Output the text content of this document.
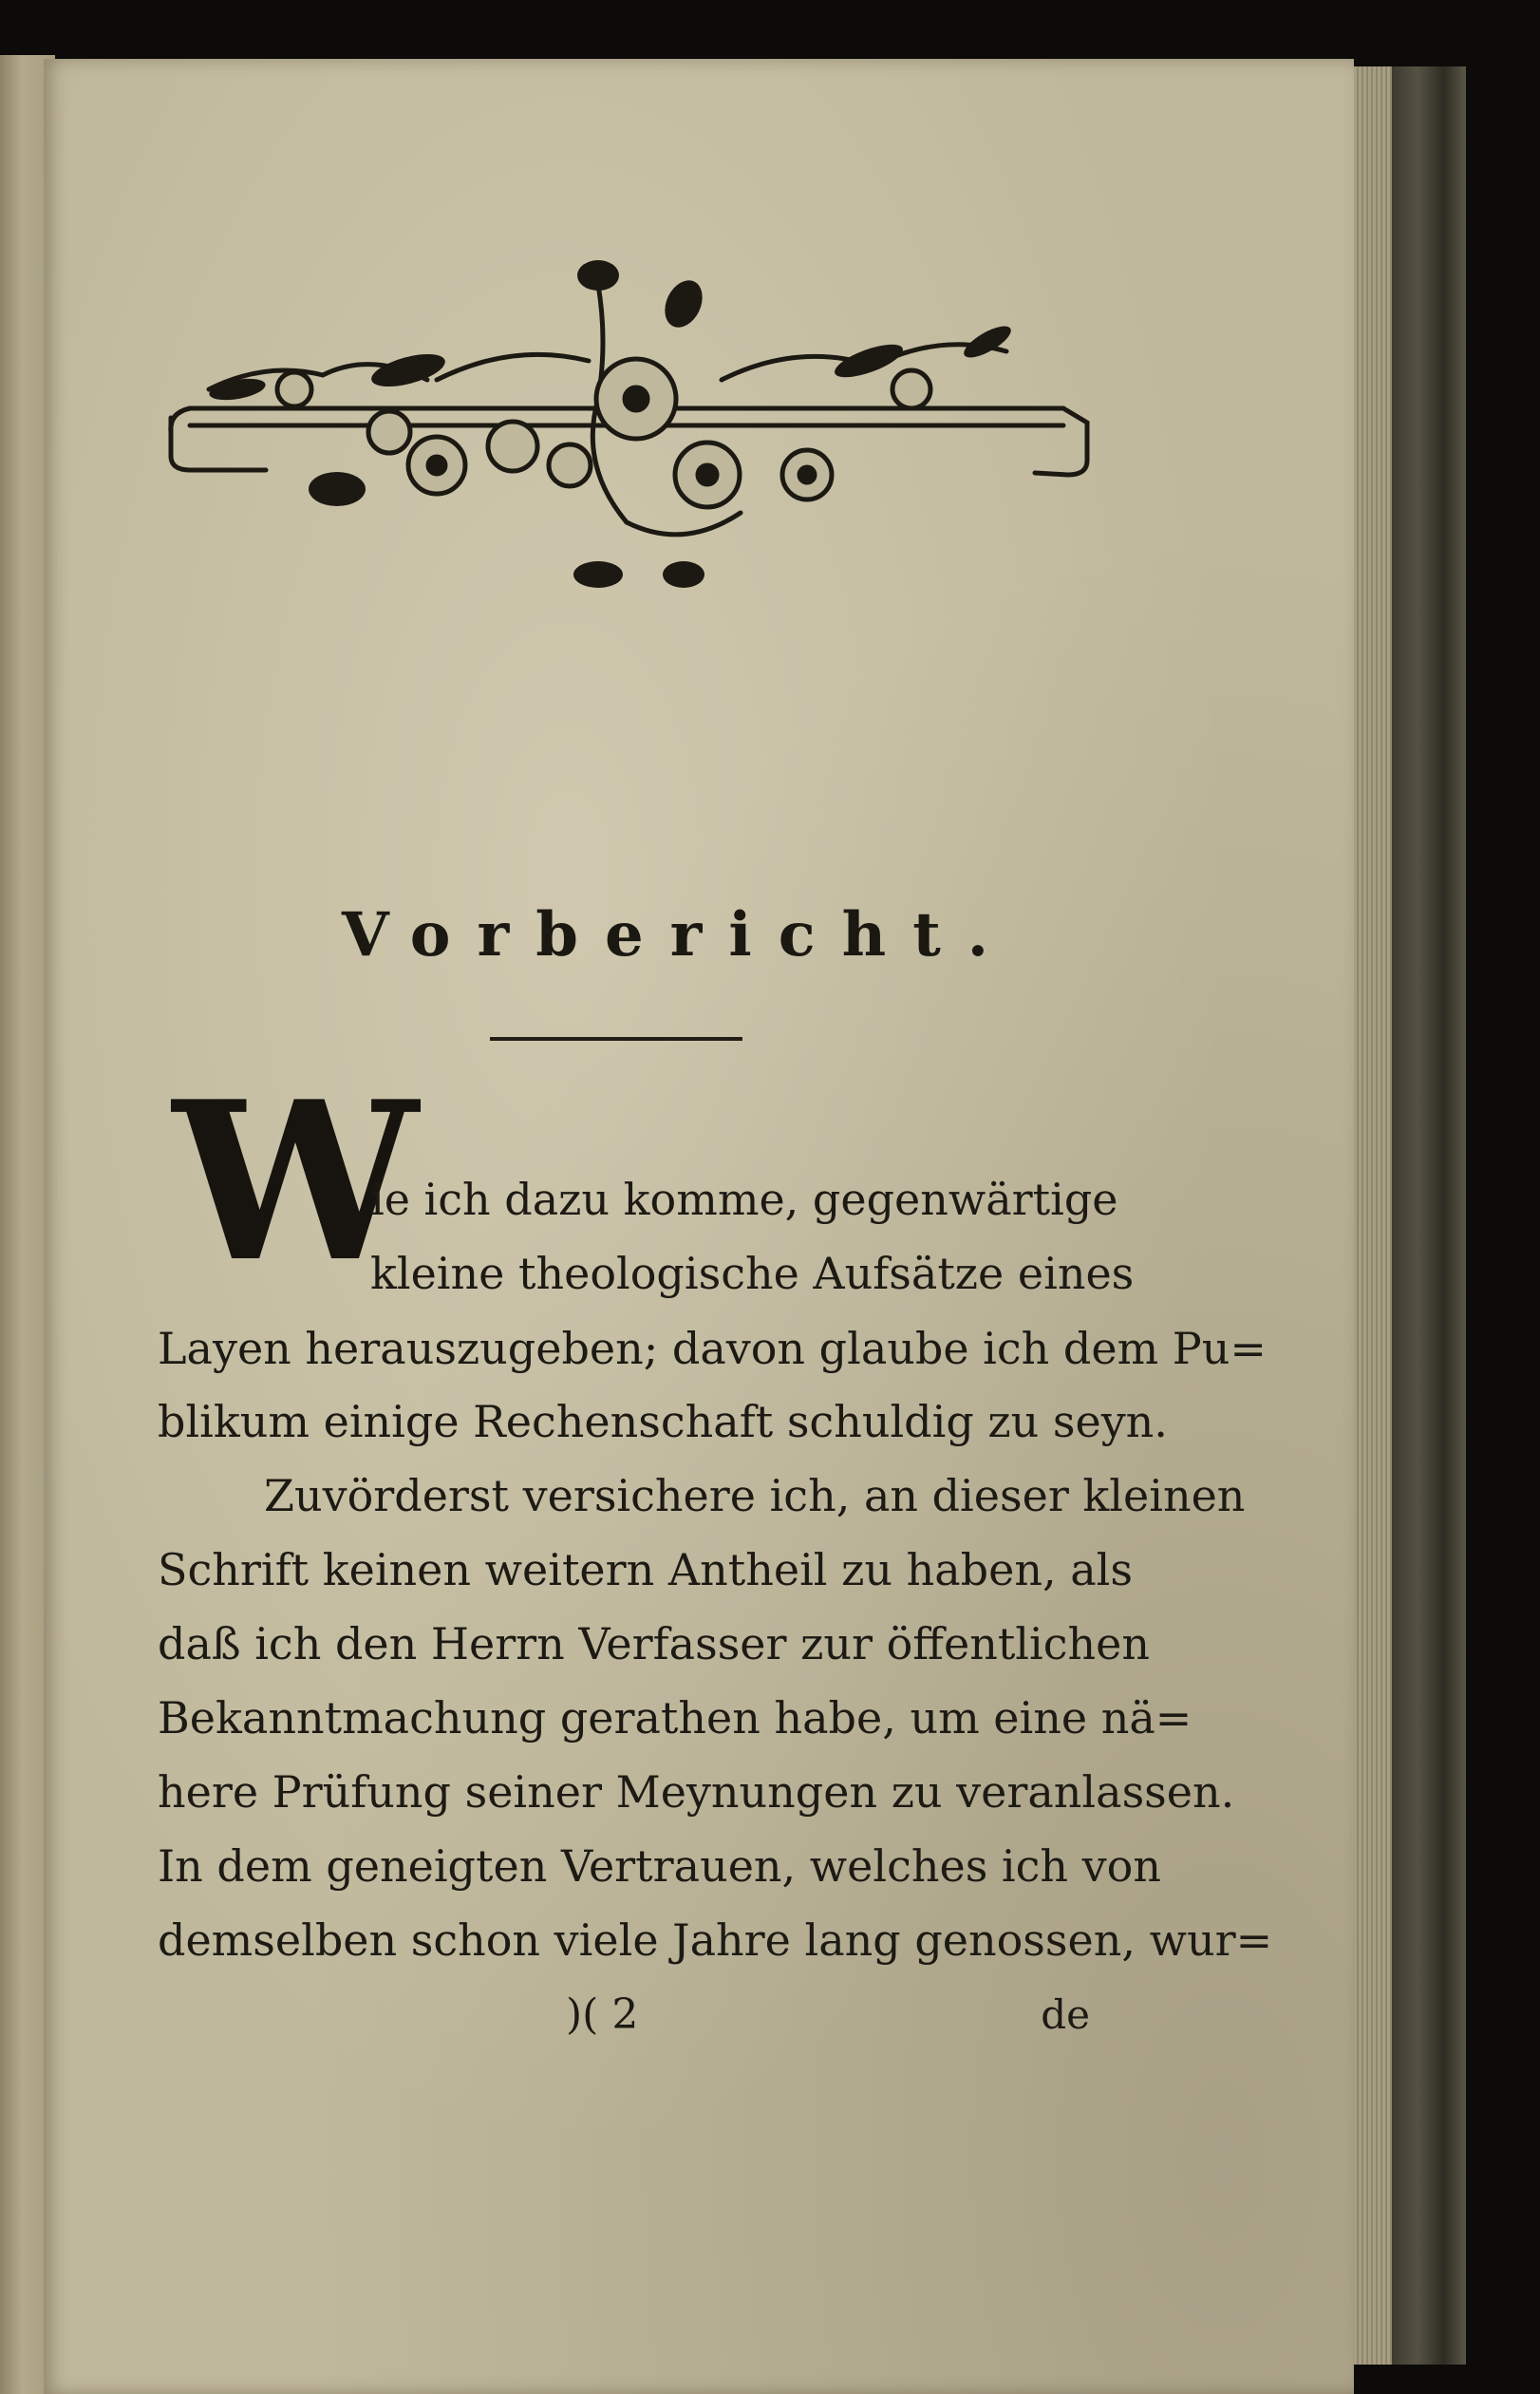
Vorbericht.
W

ie ich dazu komme, gegenwärtige

kleine theologische Aufsätze eines

Layen herauszugeben; davon glaube ich dem Pu=

blikum einige Rechenschaft schuldig zu seyn.

Zuvörderst versichere ich, an dieser kleinen

Schrift keinen weitern Antheil zu haben, als

daß ich den Herrn Verfasser zur öffentlichen

Bekanntmachung gerathen habe, um eine nä=

here Prüfung seiner Meynungen zu veranlassen.

In dem geneigten Vertrauen, welches ich von

demselben schon viele Jahre lang genossen, wur=

)( 2	de
